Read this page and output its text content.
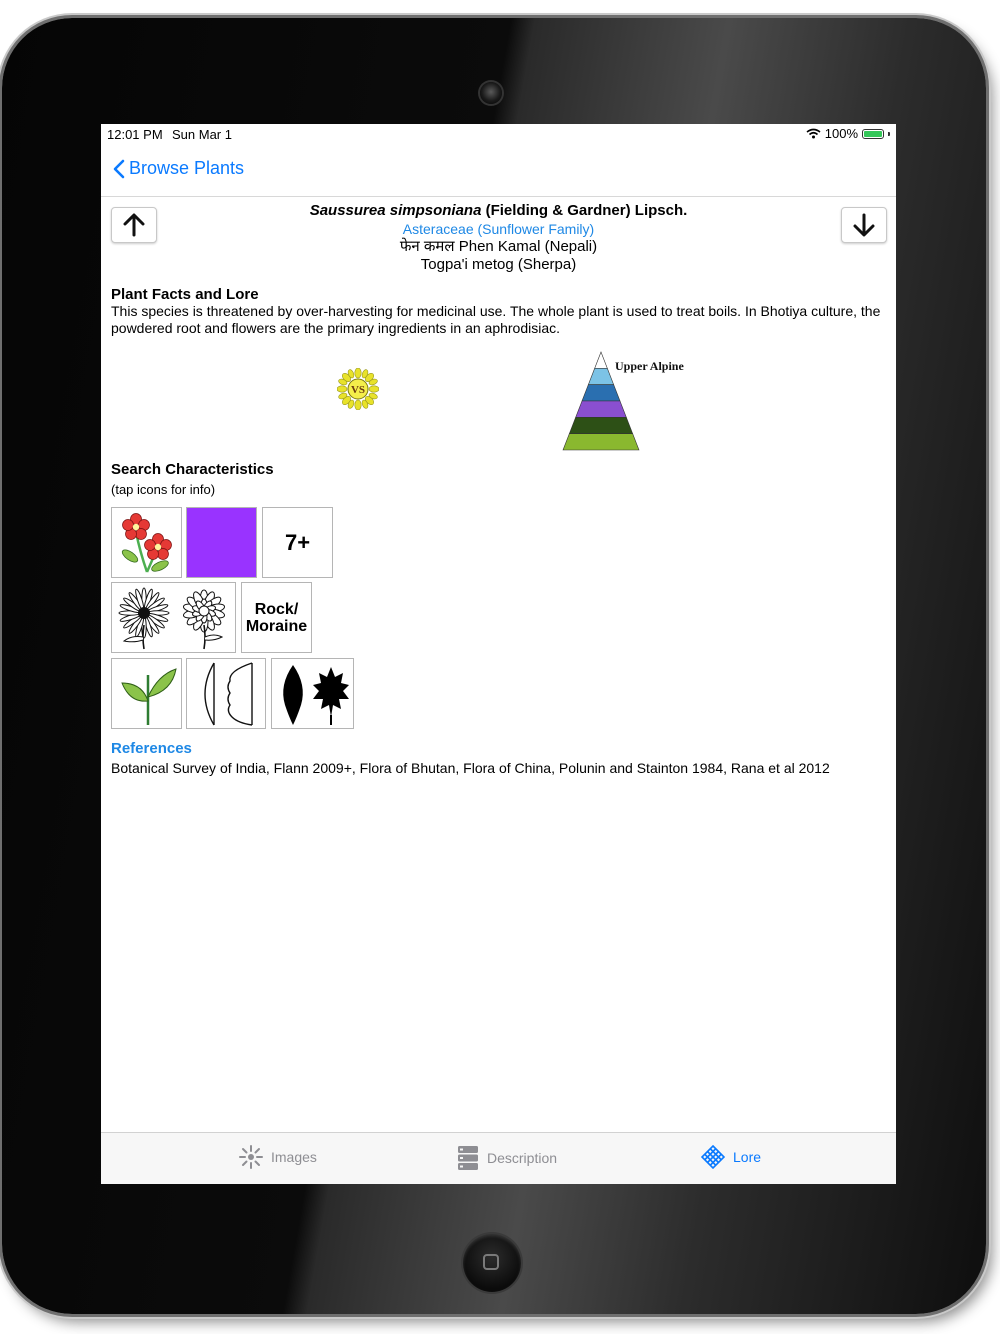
12:01 PM Sun Mar 1	100%
Browse Plants
Saussurea simpsoniana (Fielding & Gardner) Lipsch.
Asteraceae (Sunflower Family)
फेन कमल Phen Kamal (Nepali)
Togpa'i metog (Sherpa)
Plant Facts and Lore
This species is threatened by over-harvesting for medicinal use. The whole plant is used to treat boils. In Bhotiya culture, the powdered root and flowers are the primary ingredients in an aphrodisiac.
VS
Upper Alpine
Search Characteristics
(tap icons for info)
7+
Rock/
Moraine
References
Botanical Survey of India, Flann 2009+, Flora of Bhutan, Flora of China, Polunin and Stainton 1984, Rana et al 2012
Images	Description	Lore
